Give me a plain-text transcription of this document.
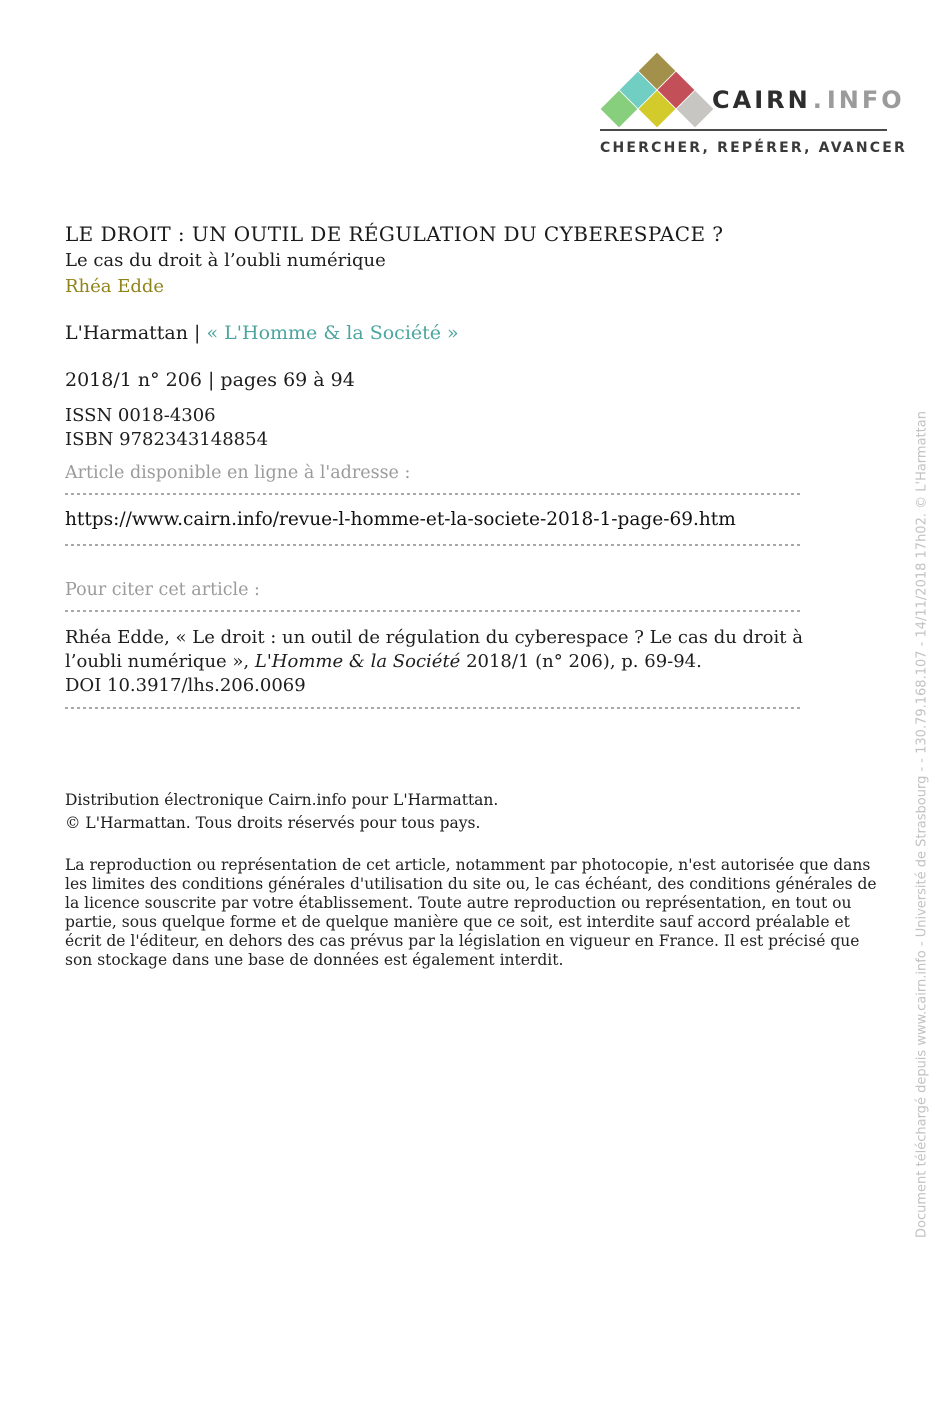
CAIRN.INFO
CHERCHER, REPÉRER, AVANCER
LE DROIT : UN OUTIL DE RÉGULATION DU CYBERESPACE ?
Le cas du droit à l’oubli numérique
Rhéa Edde
L'Harmattan | « L'Homme & la Société »
2018/1 n° 206 | pages 69 à 94
ISSN 0018-4306
ISBN 9782343148854
Article disponible en ligne à l'adresse :
https://www.cairn.info/revue-l-homme-et-la-societe-2018-1-page-69.htm
Pour citer cet article :
Rhéa Edde, « Le droit : un outil de régulation du cyberespace ? Le cas du droit à l’oubli numérique », L'Homme & la Société 2018/1 (n° 206), p. 69-94.
DOI 10.3917/lhs.206.0069
Distribution électronique Cairn.info pour L'Harmattan.
© L'Harmattan. Tous droits réservés pour tous pays.
La reproduction ou représentation de cet article, notamment par photocopie, n'est autorisée que dans les limites des conditions générales d'utilisation du site ou, le cas échéant, des conditions générales de la licence souscrite par votre établissement. Toute autre reproduction ou représentation, en tout ou partie, sous quelque forme et de quelque manière que ce soit, est interdite sauf accord préalable et écrit de l'éditeur, en dehors des cas prévus par la législation en vigueur en France. Il est précisé que son stockage dans une base de données est également interdit.	Document téléchargé depuis www.cairn.info - Université de Strasbourg - - 130.79.168.107 - 14/11/2018 17h02. © L'Harmattan
